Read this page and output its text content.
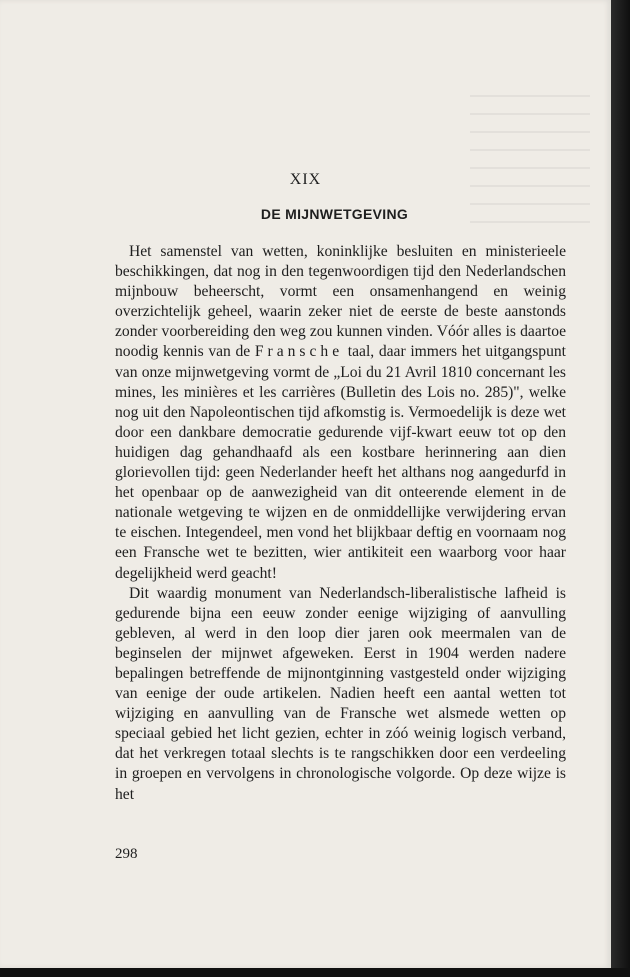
XIX
DE MIJNWETGEVING

Het samenstel van wetten, koninklijke besluiten en ministerieele beschikkingen, dat nog in den tegenwoordigen tijd den Nederlandschen mijnbouw beheerscht, vormt een onsamenhangend en weinig overzichtelijk geheel, waarin zeker niet de eerste de beste aanstonds zonder voorbereiding den weg zou kunnen vinden. Vóór alles is daartoe noodig kennis van de Fransche taal, daar immers het uitgangspunt van onze mijnwetgeving vormt de „Loi du 21 Avril 1810 concernant les mines, les minières et les carrières (Bulletin des Lois no. 285)", welke nog uit den Napoleontischen tijd afkomstig is. Vermoedelijk is deze wet door een dankbare democratie gedurende vijf-kwart eeuw tot op den huidigen dag gehandhaafd als een kostbare herinnering aan dien glorievollen tijd: geen Nederlander heeft het althans nog aangedurfd in het openbaar op de aanwezigheid van dit onteerende element in de nationale wetgeving te wijzen en de onmiddellijke verwijdering ervan te eischen. Integendeel, men vond het blijkbaar deftig en voornaam nog een Fransche wet te bezitten, wier antikiteit een waarborg voor haar degelijkheid werd geacht!

Dit waardig monument van Nederlandsch-liberalistische lafheid is gedurende bijna een eeuw zonder eenige wijziging of aanvulling gebleven, al werd in den loop dier jaren ook meermalen van de beginselen der mijnwet afgeweken. Eerst in 1904 werden nadere bepalingen betreffende de mijnontginning vastgesteld onder wijziging van eenige der oude artikelen. Nadien heeft een aantal wetten tot wijziging en aanvulling van de Fransche wet alsmede wetten op speciaal gebied het licht gezien, echter in zóó weinig logisch verband, dat het verkregen totaal slechts is te rangschikken door een verdeeling in groepen en vervolgens in chronologische volgorde. Op deze wijze is het

298
